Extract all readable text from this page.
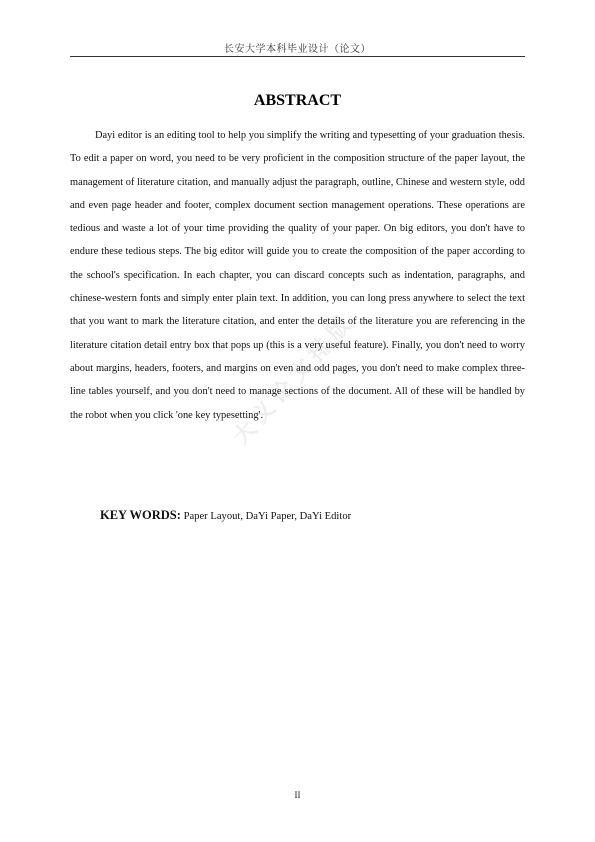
长安大学本科毕业设计（论文）
ABSTRACT

Dayi editor is an editing tool to help you simplify the writing and typesetting of your graduation thesis. To edit a paper on word, you need to be very proficient in the composition structure of the paper layout, the management of literature citation, and manually adjust the paragraph, outline, Chinese and western style, odd and even page header and footer, complex document section management operations. These operations are tedious and waste a lot of your time providing the quality of your paper. On big editors, you don't have to endure these tedious steps. The big editor will guide you to create the composition of the paper according to the school's specification. In each chapter, you can discard concepts such as indentation, paragraphs, and chinese-western fonts and simply enter plain text. In addition, you can long press anywhere to select the text that you want to mark the literature citation, and enter the details of the literature you are referencing in the literature citation detail entry box that pops up (this is a very useful feature). Finally, you don't need to worry about margins, headers, footers, and margins on even and odd pages, you don't need to make complex three-line tables yourself, and you don't need to manage sections of the document. All of these will be handled by the robot when you click 'one key typesetting'.

KEY WORDS: Paper Layout, DaYi Paper, DaYi Editor
II
大义论文排版
